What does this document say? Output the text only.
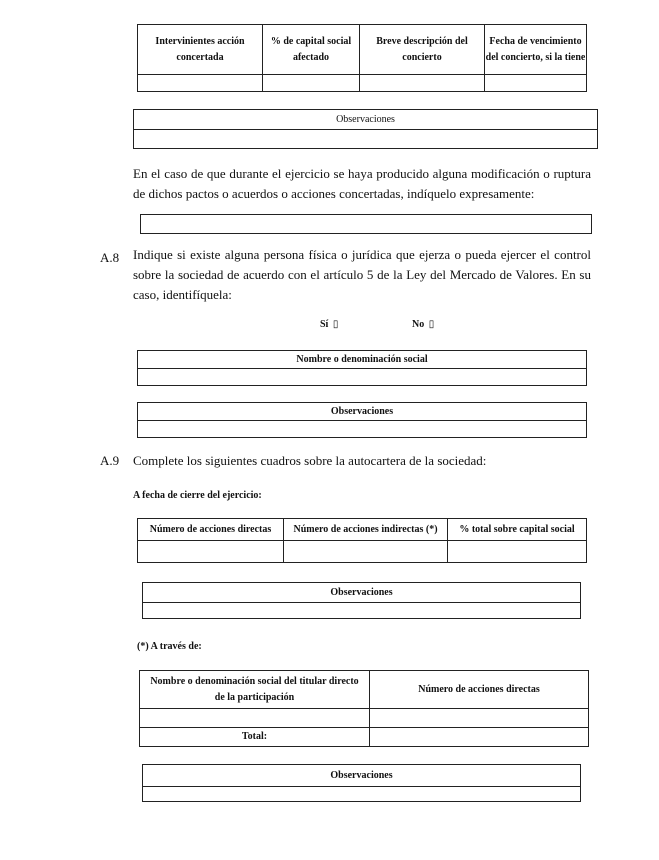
Intervinientes acción concertada	% de capital social afectado	Breve descripción del concierto	Fecha de vencimiento del concierto, si la tiene

Observaciones

En el caso de que durante el ejercicio se haya producido alguna modificación o ruptura de dichos pactos o acuerdos o acciones concertadas, indíquelo expresamente:
A.8 Indique si existe alguna persona física o jurídica que ejerza o pueda ejercer el control sobre la sociedad de acuerdo con el artículo 5 de la Ley del Mercado de Valores. En su caso, identifíquela:
Sí ▯	No ▯
Nombre o denominación social

Observaciones

A.9 Complete los siguientes cuadros sobre la autocartera de la sociedad:
A fecha de cierre del ejercicio:
Número de acciones directas	Número de acciones indirectas (*)	% total sobre capital social

Observaciones

(*) A través de:
Nombre o denominación social del titular directo de la participación	Número de acciones directas

Total:	
Observaciones
